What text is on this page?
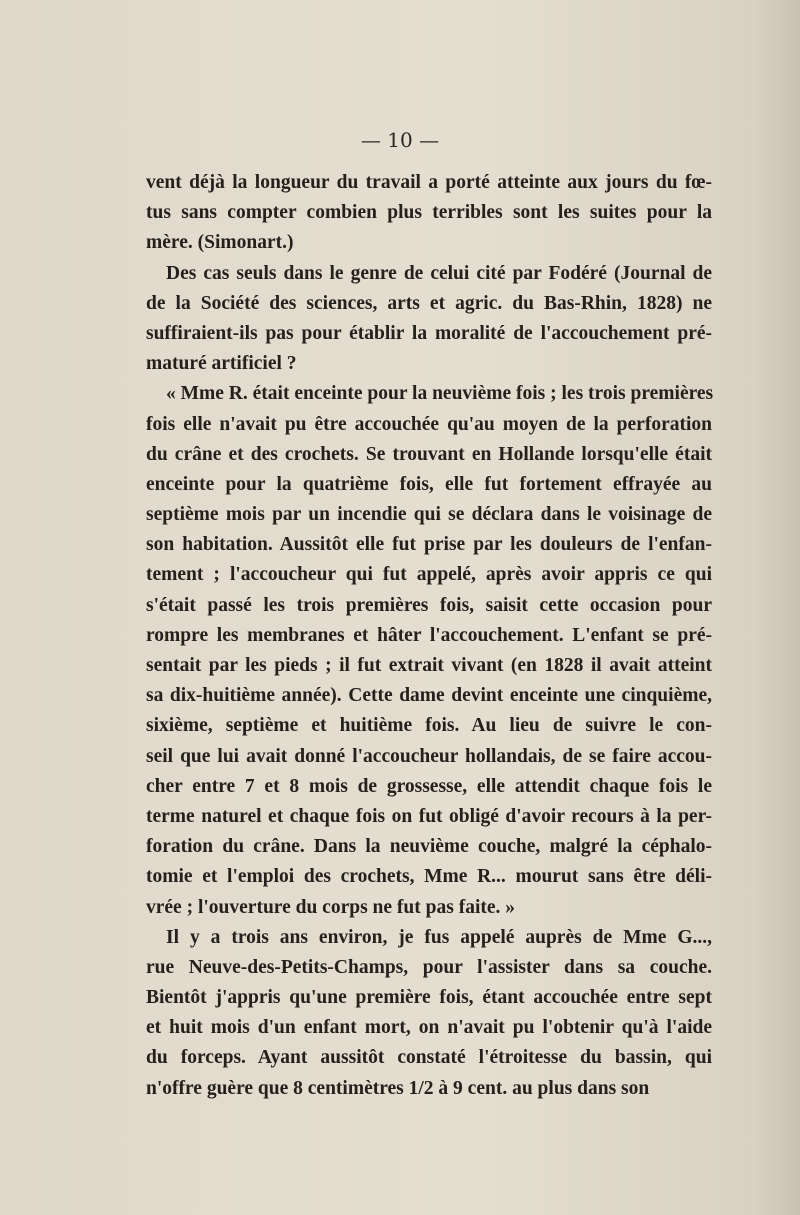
— 10 —
vent déjà la longueur du travail a porté atteinte aux jours du fœ-
tus sans compter combien plus terribles sont les suites pour la
mère. (Simonart.)
Des cas seuls dans le genre de celui cité par Fodéré (Journal de
de la Société des sciences, arts et agric. du Bas-Rhin, 1828) ne
suffiraient-ils pas pour établir la moralité de l'accouchement pré-
maturé artificiel ?
« Mme R. était enceinte pour la neuvième fois ; les trois premières
fois elle n'avait pu être accouchée qu'au moyen de la perforation
du crâne et des crochets. Se trouvant en Hollande lorsqu'elle était
enceinte pour la quatrième fois, elle fut fortement effrayée au
septième mois par un incendie qui se déclara dans le voisinage de
son habitation. Aussitôt elle fut prise par les douleurs de l'enfan-
tement ; l'accoucheur qui fut appelé, après avoir appris ce qui
s'était passé les trois premières fois, saisit cette occasion pour
rompre les membranes et hâter l'accouchement. L'enfant se pré-
sentait par les pieds ; il fut extrait vivant (en 1828 il avait atteint
sa dix-huitième année). Cette dame devint enceinte une cinquième,
sixième, septième et huitième fois. Au lieu de suivre le con-
seil que lui avait donné l'accoucheur hollandais, de se faire accou-
cher entre 7 et 8 mois de grossesse, elle attendit chaque fois le
terme naturel et chaque fois on fut obligé d'avoir recours à la per-
foration du crâne. Dans la neuvième couche, malgré la céphalo-
tomie et l'emploi des crochets, Mme R... mourut sans être déli-
vrée ; l'ouverture du corps ne fut pas faite. »
Il y a trois ans environ, je fus appelé auprès de Mme G...,
rue Neuve-des-Petits-Champs, pour l'assister dans sa couche.
Bientôt j'appris qu'une première fois, étant accouchée entre sept
et huit mois d'un enfant mort, on n'avait pu l'obtenir qu'à l'aide
du forceps. Ayant aussitôt constaté l'étroitesse du bassin, qui
n'offre guère que 8 centimètres 1/2 à 9 cent. au plus dans son
